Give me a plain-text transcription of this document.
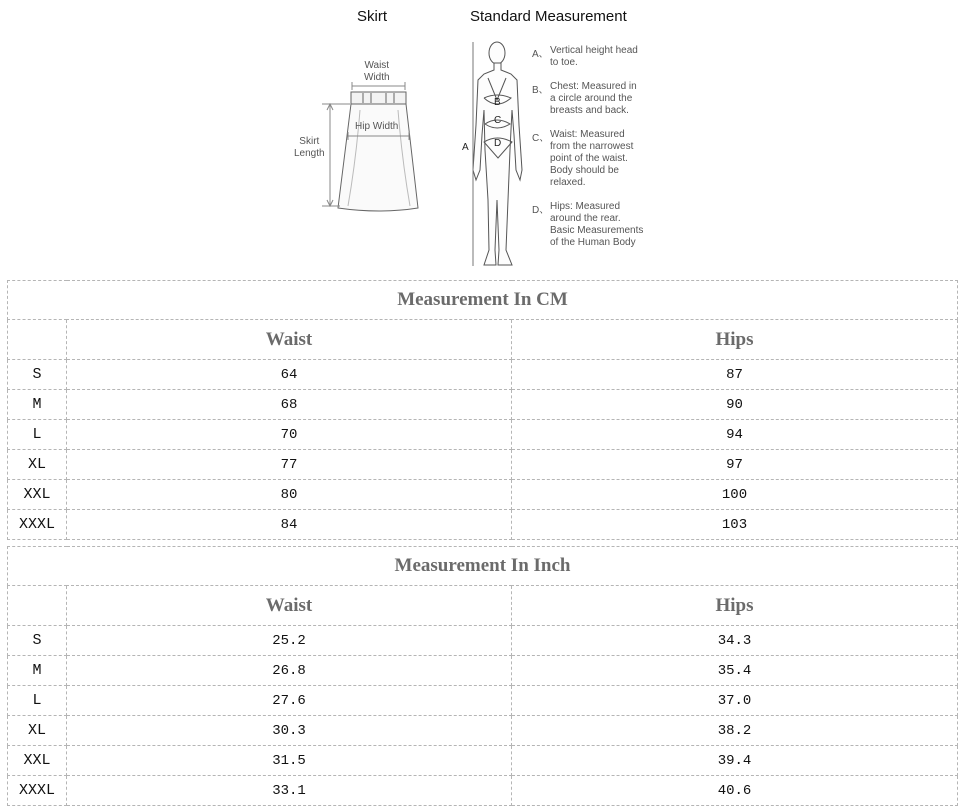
Skirt	Standard Measurement
Waist
Width
Hip Width
Skirt
Length
A
B
C
D
A、 Vertical height head
to toe.
B、 Chest: Measured in
a circle around the
breasts and back.
C、 Waist: Measured
from the narrowest
point of the waist.
Body should be
relaxed.
D、 Hips: Measured
around the rear.
Basic Measurements
of the Human Body
Measurement In CM		
	Waist	Hips
S	64	87
M	68	90
L	70	94
XL	77	97
XXL	80	100
XXXL	84	103
Measurement In Inch		
	Waist	Hips
S	25.2	34.3
M	26.8	35.4
L	27.6	37.0
XL	30.3	38.2
XXL	31.5	39.4
XXXL	33.1	40.6
